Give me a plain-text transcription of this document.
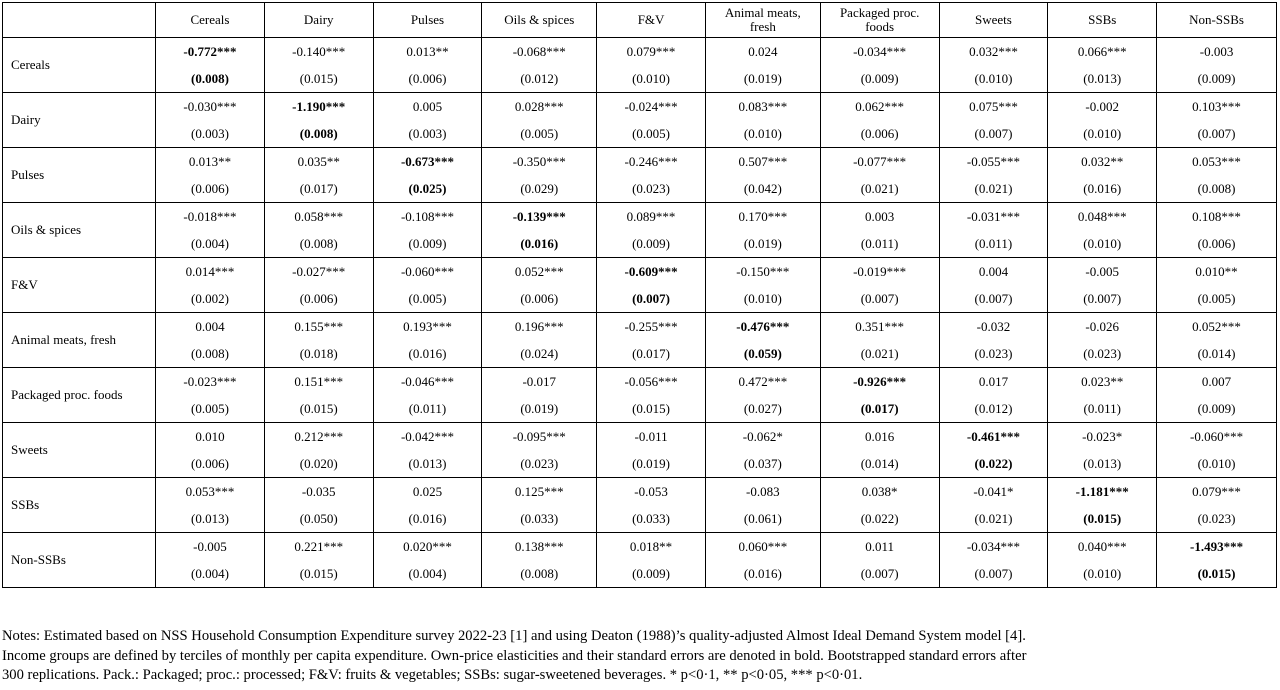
	Cereals	Dairy	Pulses	Oils & spices	F&V	Animal meats, fresh	Packaged proc. foods	Sweets	SSBs	Non-SSBs
Cereals	-0.772***	-0.140***	0.013**	-0.068***	0.079***	0.024	-0.034***	0.032***	0.066***	-0.003
	(0.008)	(0.015)	(0.006)	(0.012)	(0.010)	(0.019)	(0.009)	(0.010)	(0.013)	(0.009)
Dairy	-0.030***	-1.190***	0.005	0.028***	-0.024***	0.083***	0.062***	0.075***	-0.002	0.103***
	(0.003)	(0.008)	(0.003)	(0.005)	(0.005)	(0.010)	(0.006)	(0.007)	(0.010)	(0.007)
Pulses	0.013**	0.035**	-0.673***	-0.350***	-0.246***	0.507***	-0.077***	-0.055***	0.032**	0.053***
	(0.006)	(0.017)	(0.025)	(0.029)	(0.023)	(0.042)	(0.021)	(0.021)	(0.016)	(0.008)
Oils & spices	-0.018***	0.058***	-0.108***	-0.139***	0.089***	0.170***	0.003	-0.031***	0.048***	0.108***
	(0.004)	(0.008)	(0.009)	(0.016)	(0.009)	(0.019)	(0.011)	(0.011)	(0.010)	(0.006)
F&V	0.014***	-0.027***	-0.060***	0.052***	-0.609***	-0.150***	-0.019***	0.004	-0.005	0.010**
	(0.002)	(0.006)	(0.005)	(0.006)	(0.007)	(0.010)	(0.007)	(0.007)	(0.007)	(0.005)
Animal meats, fresh	0.004	0.155***	0.193***	0.196***	-0.255***	-0.476***	0.351***	-0.032	-0.026	0.052***
	(0.008)	(0.018)	(0.016)	(0.024)	(0.017)	(0.059)	(0.021)	(0.023)	(0.023)	(0.014)
Packaged proc. foods	-0.023***	0.151***	-0.046***	-0.017	-0.056***	0.472***	-0.926***	0.017	0.023**	0.007
	(0.005)	(0.015)	(0.011)	(0.019)	(0.015)	(0.027)	(0.017)	(0.012)	(0.011)	(0.009)
Sweets	0.010	0.212***	-0.042***	-0.095***	-0.011	-0.062*	0.016	-0.461***	-0.023*	-0.060***
	(0.006)	(0.020)	(0.013)	(0.023)	(0.019)	(0.037)	(0.014)	(0.022)	(0.013)	(0.010)
SSBs	0.053***	-0.035	0.025	0.125***	-0.053	-0.083	0.038*	-0.041*	-1.181***	0.079***
	(0.013)	(0.050)	(0.016)	(0.033)	(0.033)	(0.061)	(0.022)	(0.021)	(0.015)	(0.023)
Non-SSBs	-0.005	0.221***	0.020***	0.138***	0.018**	0.060***	0.011	-0.034***	0.040***	-1.493***
	(0.004)	(0.015)	(0.004)	(0.008)	(0.009)	(0.016)	(0.007)	(0.007)	(0.010)	(0.015)
Notes: Estimated based on NSS Household Consumption Expenditure survey 2022-23 [1] and using Deaton (1988)’s quality-adjusted Almost Ideal Demand System model [4].
Income groups are defined by terciles of monthly per capita expenditure. Own-price elasticities and their standard errors are denoted in bold. Bootstrapped standard errors after
300 replications. Pack.: Packaged; proc.: processed; F&V: fruits & vegetables; SSBs: sugar-sweetened beverages. * p<0·1, ** p<0·05, *** p<0·01.
